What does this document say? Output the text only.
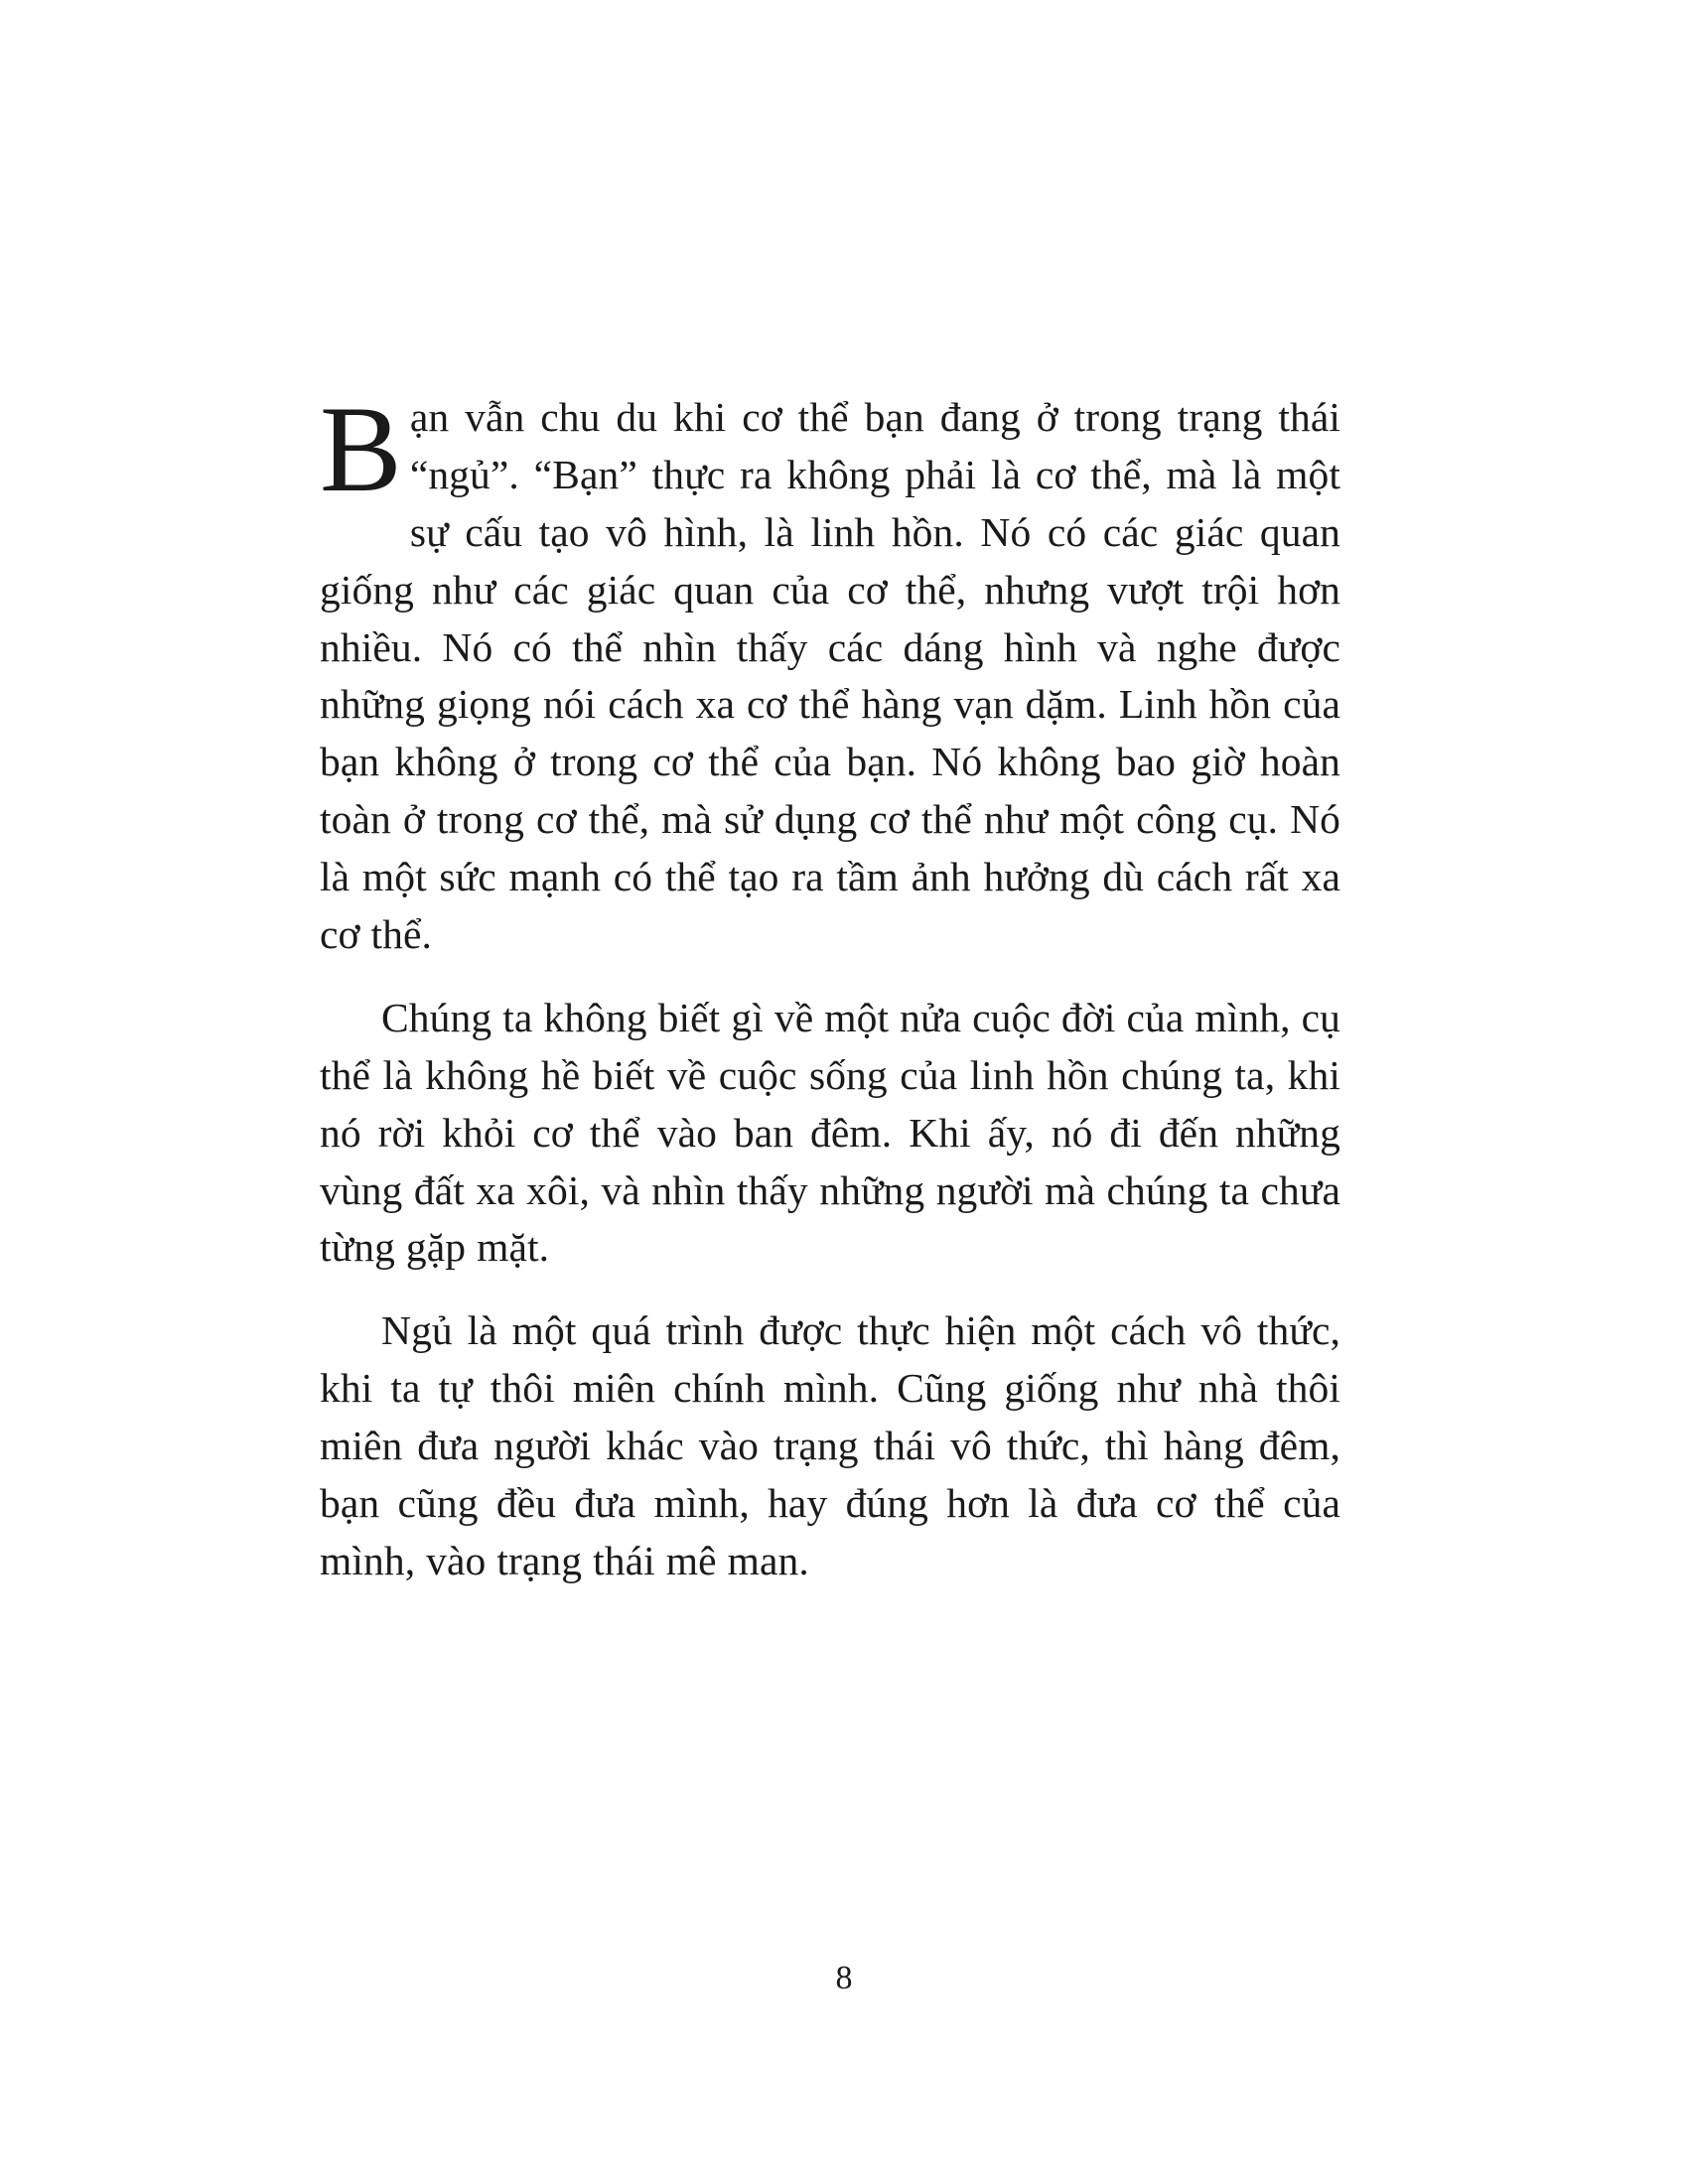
Bạn vẫn chu du khi cơ thể bạn đang ở trong trạng thái “ngủ”. “Bạn” thực ra không phải là cơ thể, mà là một sự cấu tạo vô hình, là linh hồn. Nó có các giác quan giống như các giác quan của cơ thể, nhưng vượt trội hơn nhiều. Nó có thể nhìn thấy các dáng hình và nghe được những giọng nói cách xa cơ thể hàng vạn dặm. Linh hồn của bạn không ở trong cơ thể của bạn. Nó không bao giờ hoàn toàn ở trong cơ thể, mà sử dụng cơ thể như một công cụ. Nó là một sức mạnh có thể tạo ra tầm ảnh hưởng dù cách rất xa cơ thể.

Chúng ta không biết gì về một nửa cuộc đời của mình, cụ thể là không hề biết về cuộc sống của linh hồn chúng ta, khi nó rời khỏi cơ thể vào ban đêm. Khi ấy, nó đi đến những vùng đất xa xôi, và nhìn thấy những người mà chúng ta chưa từng gặp mặt.

Ngủ là một quá trình được thực hiện một cách vô thức, khi ta tự thôi miên chính mình. Cũng giống như nhà thôi miên đưa người khác vào trạng thái vô thức, thì hàng đêm, bạn cũng đều đưa mình, hay đúng hơn là đưa cơ thể của mình, vào trạng thái mê man.

8
